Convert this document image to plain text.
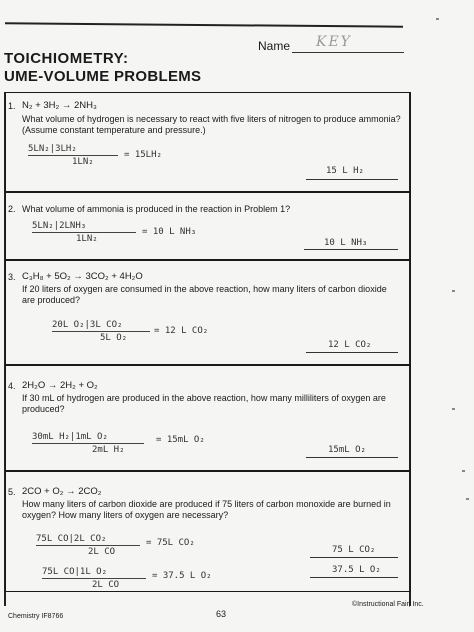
TOICHIOMETRY:
UME-VOLUME PROBLEMS
Name KEY
1. N₂ + 3H₂ → 2NH₃
What volume of hydrogen is necessary to react with five liters of nitrogen to produce ammonia? (Assume constant temperature and pressure.)
5LN₂|3LH₂
1LN₂
= 15LH₂
15 L H₂
2. What volume of ammonia is produced in the reaction in Problem 1?
5LN₂|2LNH₃
1LN₂
= 10 L NH₃
10 L NH₃
3. C₃H₈ + 5O₂ → 3CO₂ + 4H₂O
If 20 liters of oxygen are consumed in the above reaction, how many liters of carbon dioxide are produced?
20L O₂|3L CO₂
5L O₂
= 12 L CO₂
12 L CO₂
4. 2H₂O → 2H₂ + O₂
If 30 mL of hydrogen are produced in the above reaction, how many milliliters of oxygen are produced?
30mL H₂|1mL O₂
2mL H₂
= 15mL O₂
15mL O₂
5. 2CO + O₂ → 2CO₂
How many liters of carbon dioxide are produced if 75 liters of carbon monoxide are burned in oxygen? How many liters of oxygen are necessary?
75L CO|2L CO₂
2L CO
= 75L CO₂
75L CO|1L O₂
2L CO
= 37.5 L O₂
75 L CO₂
37.5 L O₂
Chemistry IF8766	63
©Instructional Fair, Inc.
